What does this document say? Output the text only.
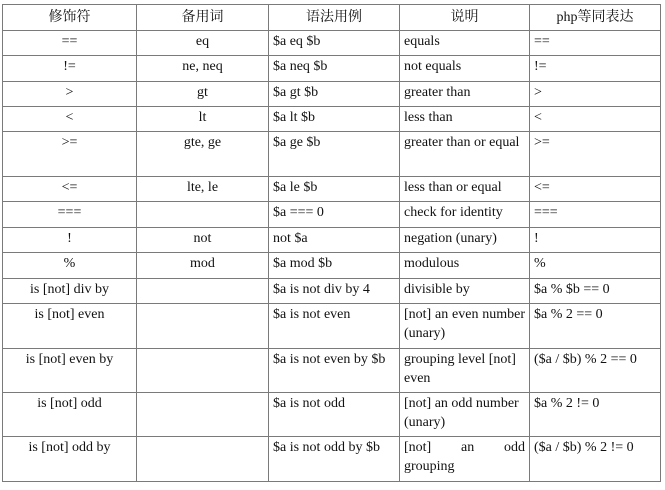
修饰符	备用词	语法用例	说明	php等同表达
==	eq	$a eq $b	equals	==
!=	ne, neq	$a neq $b	not equals	!=
>	gt	$a gt $b	greater than	>
<	lt	$a lt $b	less than	<
>=	gte, ge	$a ge $b	greater than or equal	>=
<=	lte, le	$a le $b	less than or equal	<=
===		$a === 0	check for identity	===
!	not	not $a	negation (unary)	!
%	mod	$a mod $b	modulous	%
is [not] div by		$a is not div by 4	divisible by	$a % $b == 0
is [not] even		$a is not even	[not] an even number (unary)	$a % 2 == 0
is [not] even by		$a is not even by $b	grouping level [not] even	($a / $b) % 2 == 0
is [not] odd		$a is not odd	[not] an odd number (unary)	$a % 2 != 0
is [not] odd by		$a is not odd by $b	[not] an odd grouping	($a / $b) % 2 != 0
